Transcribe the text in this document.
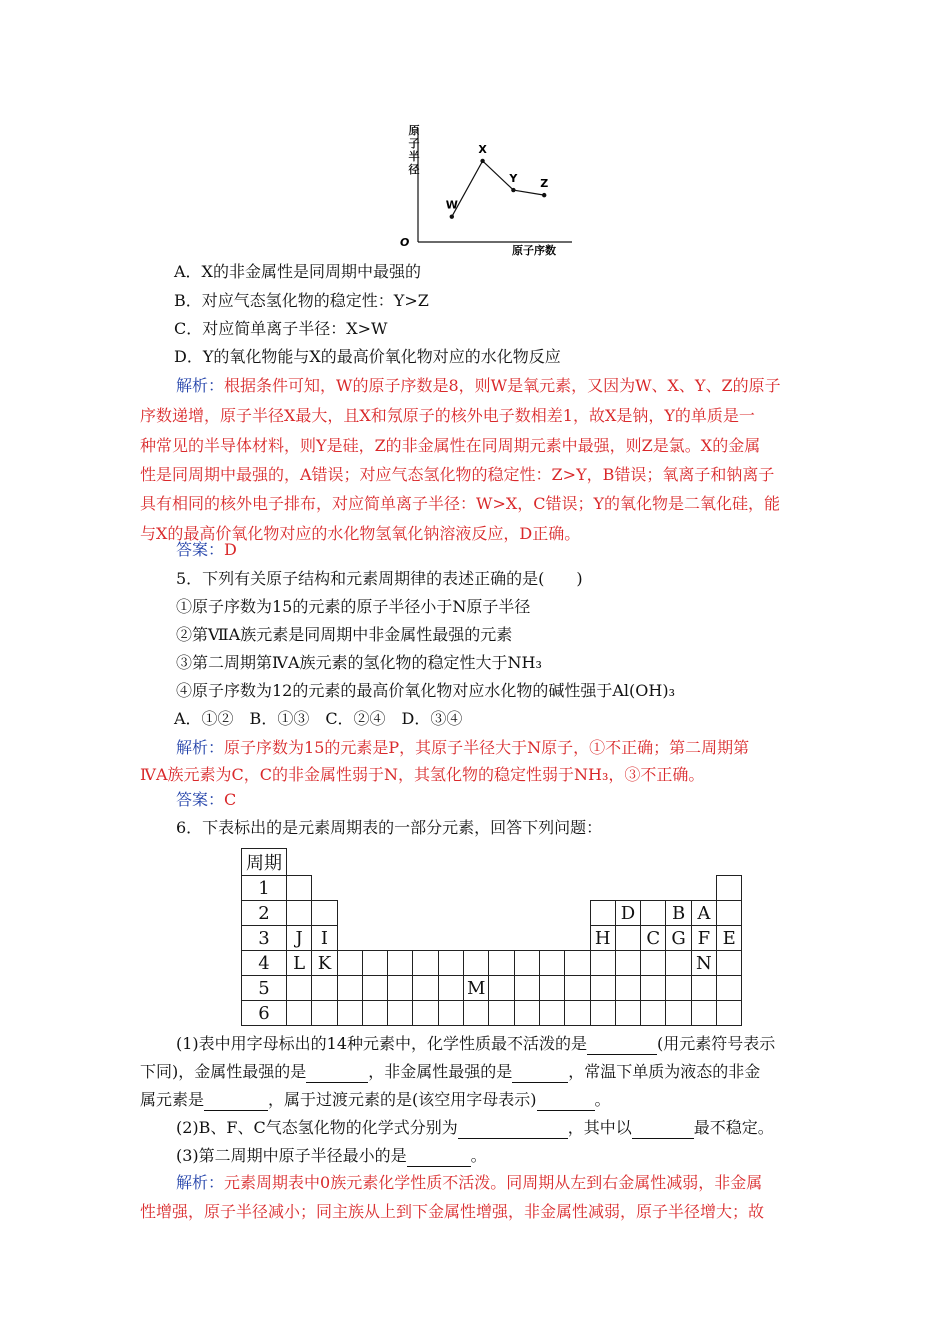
原子半径
O
原子序数
W
X
Y Z
A．X的非金属性是同周期中最强的
B．对应气态氢化物的稳定性：Y>Z
C．对应简单离子半径：X>W
D．Y的氧化物能与X的最高价氧化物对应的水化物反应
解析：根据条件可知，W的原子序数是8，则W是氧元素，又因为W、X、Y、Z的原子
序数递增，原子半径X最大，且X和氖原子的核外电子数相差1，故X是钠，Y的单质是一
种常见的半导体材料，则Y是硅，Z的非金属性在同周期元素中最强，则Z是氯。X的金属
性是同周期中最强的，A错误；对应气态氢化物的稳定性：Z>Y，B错误；氧离子和钠离子
具有相同的核外电子排布，对应简单离子半径：W>X，C错误；Y的氧化物是二氧化硅，能
与X的最高价氧化物对应的水化物氢氧化钠溶液反应，D正确。
答案：D
5．下列有关原子结构和元素周期律的表述正确的是(　　)
①原子序数为15的元素的原子半径小于N原子半径
②第ⅦA族元素是同周期中非金属性最强的元素
③第二周期第ⅣA族元素的氢化物的稳定性大于NH₃
④原子序数为12的元素的最高价氧化物对应水化物的碱性强于Al(OH)₃
A．①②　B．①③　C．②④　D．③④
解析：原子序数为15的元素是P，其原子半径大于N原子，①不正确；第二周期第
ⅣA族元素为C，C的非金属性弱于N，其氢化物的稳定性弱于NH₃，③不正确。
答案：C
6．下表标出的是元素周期表的一部分元素，回答下列问题：
周期																		
1																		
2														D		B	A	
3	J	I											H		C	G	F	E
4	L	K															N	
5								M										
6																		
(1)表中用字母标出的14种元素中，化学性质最不活泼的是	(用元素符号表示
下同)，金属性最强的是	，非金属性最强的是	，常温下单质为液态的非金
属元素是	，属于过渡元素的是(该空用字母表示)	。
(2)B、F、C气态氢化物的化学式分别为	，其中以	最不稳定。
(3)第二周期中原子半径最小的是	。
解析：元素周期表中0族元素化学性质不活泼。同周期从左到右金属性减弱，非金属
性增强，原子半径减小；同主族从上到下金属性增强，非金属性减弱，原子半径增大；故
